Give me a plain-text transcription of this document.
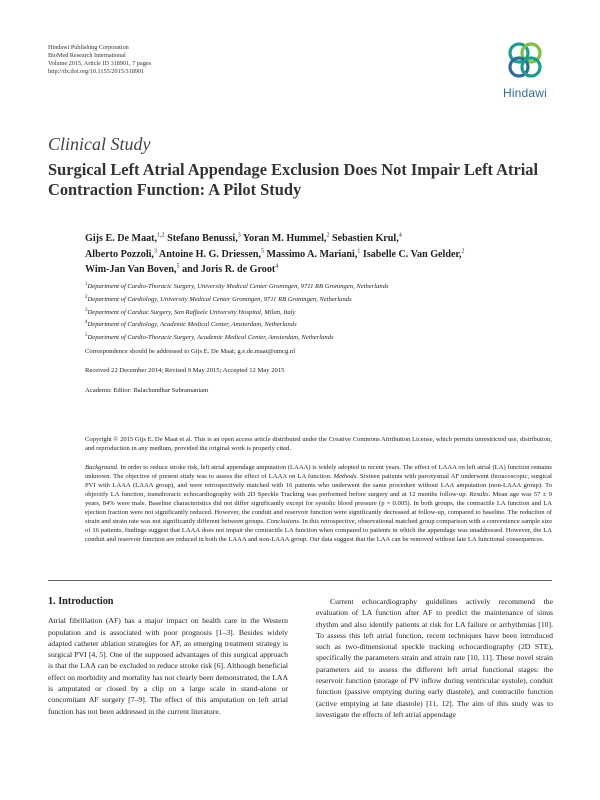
Hindawi Publishing Corporation
BioMed Research International
Volume 2015, Article ID 318901, 7 pages
http://dx.doi.org/10.1155/2015/318901
Hindawi
Clinical Study
Surgical Left Atrial Appendage Exclusion Does Not Impair Left Atrial Contraction Function: A Pilot Study
Gijs E. De Maat,$^{1,2}$ Stefano Benussi,$^3$ Yoran M. Hummel,$^2$ Sebastien Krul,$^4$
Alberto Pozzoli,$^3$ Antoine H. G. Driessen,$^5$ Massimo A. Mariani,$^1$ Isabelle C. Van Gelder,$^2$
Wim-Jan Van Boven,$^5$ and Joris R. de Groot$^4$
$^1$Department of Cardio-Thoracic Surgery, University Medical Center Groningen, 9711 RB Groningen, Netherlands
$^2$Department of Cardiology, University Medical Center Groningen, 9711 RB Groningen, Netherlands
$^3$Department of Cardiac Surgery, San Raffaele University Hospital, Milan, Italy
$^4$Department of Cardiology, Academic Medical Center, Amsterdam, Netherlands
$^5$Department of Cardio-Thoracic Surgery, Academic Medical Center, Amsterdam, Netherlands
Correspondence should be addressed to Gijs E. De Maat; g.e.de.maat@umcg.nl
Received 22 December 2014; Revised 9 May 2015; Accepted 12 May 2015
Academic Editor: Balachundhar Subramaniam
Copyright © 2015 Gijs E. De Maat et al. This is an open access article distributed under the Creative Commons Attribution License, which permits unrestricted use, distribution, and reproduction in any medium, provided the original work is properly cited.
Background. In order to reduce stroke risk, left atrial appendage amputation (LAAA) is widely adopted in recent years. The effect of LAAA on left atrial (LA) function remains unknown. The objective of present study was to assess the effect of LAAA on LA function. Methods. Sixteen patients with paroxysmal AF underwent thoracoscopic, surgical PVI with LAAA (LAAA group), and were retrospectively matched with 16 patients who underwent the same procedure without LAA amputation (non-LAAA group). To objectify LA function, transthoracic echocardiography with 2D Speckle Tracking was performed before surgery and at 12 months follow-up. Results. Mean age was 57 ± 9 years, 84% were male. Baseline characteristics did not differ significantly except for systolic blood pressure (p = 0.005). In both groups, the contractile LA function and LA ejection fraction were not significantly reduced. However, the conduit and reservoir function were significantly decreased at follow-up, compared to baseline. The reduction of strain and strain rate was not significantly different between groups. Conclusions. In this retrospective, observational matched group comparison with a convenience sample size of 16 patients, findings suggest that LAAA does not impair the contractile LA function when compared to patients in which the appendage was unaddressed. However, the LA conduit and reservoir function are reduced in both the LAAA and non-LAAA group. Our data suggest that the LAA can be removed without late LA functional consequences.
1. Introduction

Atrial fibrillation (AF) has a major impact on health care in the Western population and is associated with poor prognosis [1–3]. Besides widely adapted catheter ablation strategies for AF, an emerging treatment strategy is surgical PVI [4, 5]. One of the supposed advantages of this surgical approach is that the LAA can be excluded to reduce stroke risk [6]. Although beneficial effect on morbidity and mortality has not clearly been demonstrated, the LAA is amputated or closed by a clip on a large scale in stand-alone or concomitant AF surgery [7–9]. The effect of this amputation on left atrial function has not been addressed in the current literature.

Current echocardiography guidelines actively recommend the evaluation of LA function after AF to predict the maintenance of sinus rhythm and also identify patients at risk for LA failure or arrhythmias [10]. To assess this left atrial function, recent techniques have been introduced such as two-dimensional speckle tracking echocardiography (2D STE), specifically the parameters strain and strain rate [10, 11]. These novel strain parameters aid to assess the different left atrial functional stages: the reservoir function (storage of PV inflow during ventricular systole), conduit function (passive emptying during early diastole), and contractile function (active emptying at late diastole) [11, 12]. The aim of this study was to investigate the effects of left atrial appendage
